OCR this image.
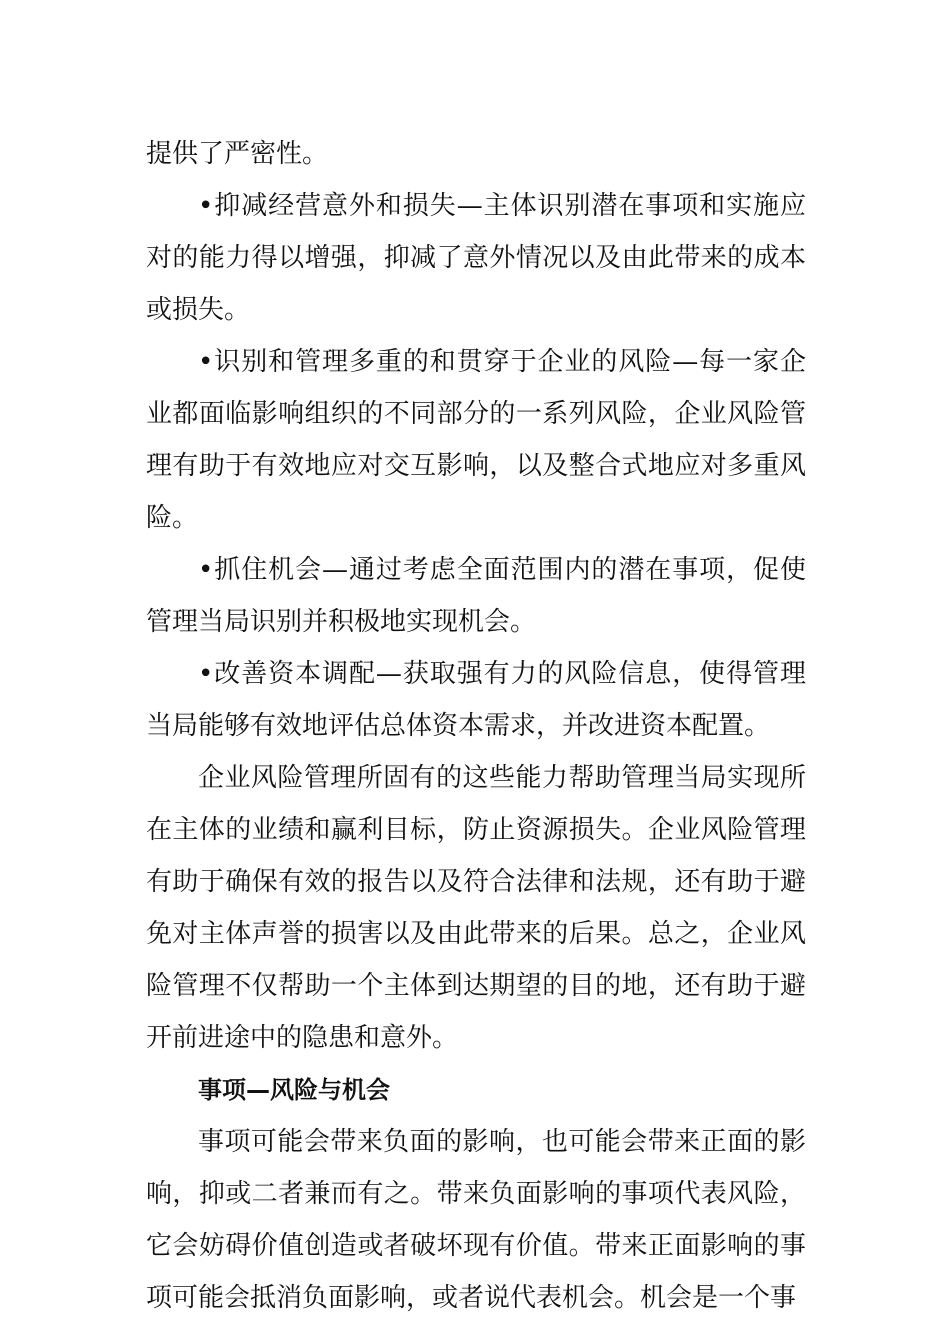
提供了严密性。

•抑减经营意外和损失—主体识别潜在事项和实施应对的能力得以增强，抑减了意外情况以及由此带来的成本或损失。

•识别和管理多重的和贯穿于企业的风险—每一家企业都面临影响组织的不同部分的一系列风险，企业风险管理有助于有效地应对交互影响，以及整合式地应对多重风险。

•抓住机会—通过考虑全面范围内的潜在事项，促使管理当局识别并积极地实现机会。

•改善资本调配—获取强有力的风险信息，使得管理当局能够有效地评估总体资本需求，并改进资本配置。

企业风险管理所固有的这些能力帮助管理当局实现所在主体的业绩和赢利目标，防止资源损失。企业风险管理有助于确保有效的报告以及符合法律和法规，还有助于避免对主体声誉的损害以及由此带来的后果。总之，企业风险管理不仅帮助一个主体到达期望的目的地，还有助于避开前进途中的隐患和意外。

事项—风险与机会

事项可能会带来负面的影响，也可能会带来正面的影响，抑或二者兼而有之。带来负面影响的事项代表风险，它会妨碍价值创造或者破坏现有价值。带来正面影响的事项可能会抵消负面影响，或者说代表机会。机会是一个事
